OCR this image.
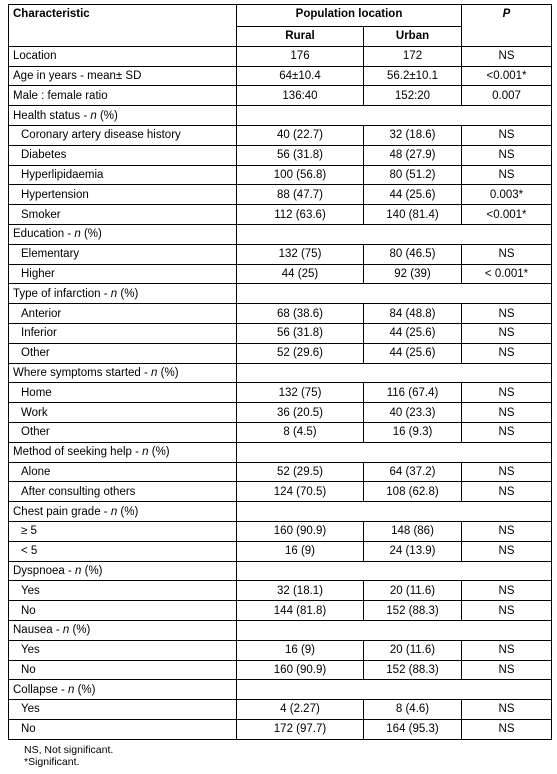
Characteristic	Population location		P
	Rural	Urban	
Location	176	172	NS
Age in years - mean± SD	64±10.4	56.2±10.1	<0.001*
Male : female ratio	136:40	152:20	0.007
Health status - n (%)			
Coronary artery disease history	40 (22.7)	32 (18.6)	NS
Diabetes	56 (31.8)	48 (27.9)	NS
Hyperlipidaemia	100 (56.8)	80 (51.2)	NS
Hypertension	88 (47.7)	44 (25.6)	0.003*
Smoker	112 (63.6)	140 (81.4)	<0.001*
Education - n (%)			
Elementary	132 (75)	80 (46.5)	NS
Higher	44 (25)	92 (39)	< 0.001*
Type of infarction - n (%)			
Anterior	68 (38.6)	84 (48.8)	NS
Inferior	56 (31.8)	44 (25.6)	NS
Other	52 (29.6)	44 (25.6)	NS
Where symptoms started - n (%)			
Home	132 (75)	116 (67.4)	NS
Work	36 (20.5)	40 (23.3)	NS
Other	8 (4.5)	16 (9.3)	NS
Method of seeking help - n (%)			
Alone	52 (29.5)	64 (37.2)	NS
After consulting others	124 (70.5)	108 (62.8)	NS
Chest pain grade - n (%)			
≥ 5	160 (90.9)	148 (86)	NS
< 5	16 (9)	24 (13.9)	NS
Dyspnoea - n (%)			
Yes	32 (18.1)	20 (11.6)	NS
No	144 (81.8)	152 (88.3)	NS
Nausea - n (%)			
Yes	16 (9)	20 (11.6)	NS
No	160 (90.9)	152 (88.3)	NS
Collapse - n (%)			
Yes	4 (2.27)	8 (4.6)	NS
No	172 (97.7)	164 (95.3)	NS
NS, Not significant.
*Significant.
